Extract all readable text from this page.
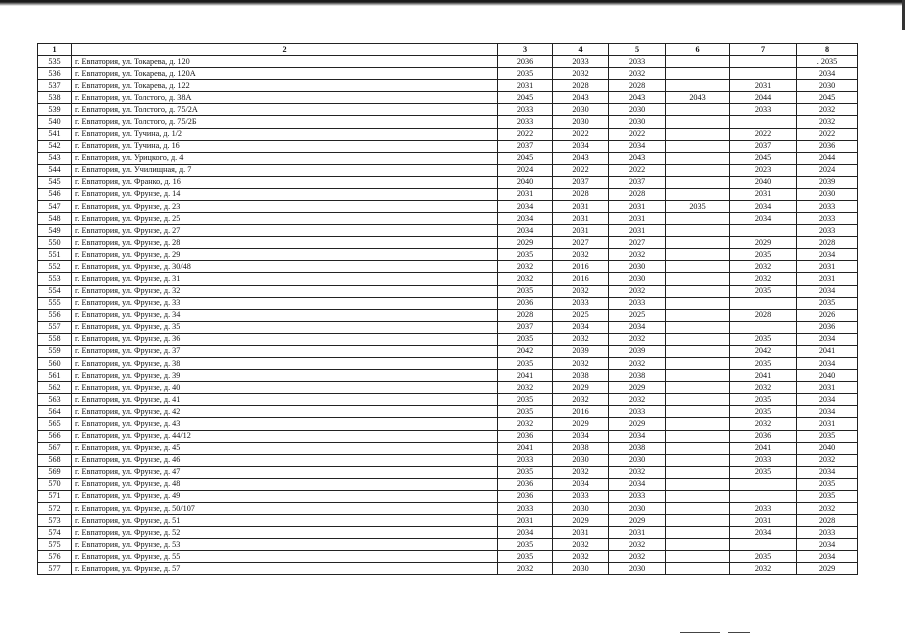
1	2	3	4	5	6	7	8
535	г. Евпатория, ул. Токарева, д. 120	2036	2033	2033			. 2035
536	г. Евпатория, ул. Токарева, д. 120А	2035	2032	2032			2034
537	г. Евпатория, ул. Токарева, д. 122	2031	2028	2028		2031	2030
538	г. Евпатория, ул. Толстого, д. 38А	2045	2043	2043	2043	2044	2045
539	г. Евпатория, ул. Толстого, д. 75/2А	2033	2030	2030		2033	2032
540	г. Евпатория, ул. Толстого, д. 75/2Б	2033	2030	2030			2032
541	г. Евпатория, ул. Тучина, д. 1/2	2022	2022	2022		2022	2022
542	г. Евпатория, ул. Тучина, д. 16	2037	2034	2034		2037	2036
543	г. Евпатория, ул. Урицкого, д. 4	2045	2043	2043		2045	2044
544	г. Евпатория, ул. Училищная, д. 7	2024	2022	2022		2023	2024
545	г. Евпатория, ул. Франко, д. 16	2040	2037	2037		2040	2039
546	г. Евпатория, ул. Фрунзе, д. 14	2031	2028	2028		2031	2030
547	г. Евпатория, ул. Фрунзе, д. 23	2034	2031	2031	2035	2034	2033
548	г. Евпатория, ул. Фрунзе, д. 25	2034	2031	2031		2034	2033
549	г. Евпатория, ул. Фрунзе, д. 27	2034	2031	2031			2033
550	г. Евпатория, ул. Фрунзе, д. 28	2029	2027	2027		2029	2028
551	г. Евпатория, ул. Фрунзе, д. 29	2035	2032	2032		2035	2034
552	г. Евпатория, ул. Фрунзе, д. 30/48	2032	2016	2030		2032	2031
553	г. Евпатория, ул. Фрунзе, д. 31	2032	2016	2030		2032	2031
554	г. Евпатория, ул. Фрунзе, д. 32	2035	2032	2032		2035	2034
555	г. Евпатория, ул. Фрунзе, д. 33	2036	2033	2033			2035
556	г. Евпатория, ул. Фрунзе, д. 34	2028	2025	2025		2028	2026
557	г. Евпатория, ул. Фрунзе, д. 35	2037	2034	2034			2036
558	г. Евпатория, ул. Фрунзе, д. 36	2035	2032	2032		2035	2034
559	г. Евпатория, ул. Фрунзе, д. 37	2042	2039	2039		2042	2041
560	г. Евпатория, ул. Фрунзе, д. 38	2035	2032	2032		2035	2034
561	г. Евпатория, ул. Фрунзе, д. 39	2041	2038	2038		2041	2040
562	г. Евпатория, ул. Фрунзе, д. 40	2032	2029	2029		2032	2031
563	г. Евпатория, ул. Фрунзе, д. 41	2035	2032	2032		2035	2034
564	г. Евпатория, ул. Фрунзе, д. 42	2035	2016	2033		2035	2034
565	г. Евпатория, ул. Фрунзе, д. 43	2032	2029	2029		2032	2031
566	г. Евпатория, ул. Фрунзе, д. 44/12	2036	2034	2034		2036	2035
567	г. Евпатория, ул. Фрунзе, д. 45	2041	2038	2038		2041	2040
568	г. Евпатория, ул. Фрунзе, д. 46	2033	2030	2030		2033	2032
569	г. Евпатория, ул. Фрунзе, д. 47	2035	2032	2032		2035	2034
570	г. Евпатория, ул. Фрунзе, д. 48	2036	2034	2034			2035
571	г. Евпатория, ул. Фрунзе, д. 49	2036	2033	2033			2035
572	г. Евпатория, ул. Фрунзе, д. 50/107	2033	2030	2030		2033	2032
573	г. Евпатория, ул. Фрунзе, д. 51	2031	2029	2029		2031	2028
574	г. Евпатория, ул. Фрунзе, д. 52	2034	2031	2031		2034	2033
575	г. Евпатория, ул. Фрунзе, д. 53	2035	2032	2032			2034
576	г. Евпатория, ул. Фрунзе, д. 55	2035	2032	2032		2035	2034
577	г. Евпатория, ул. Фрунзе, д. 57	2032	2030	2030		2032	2029
